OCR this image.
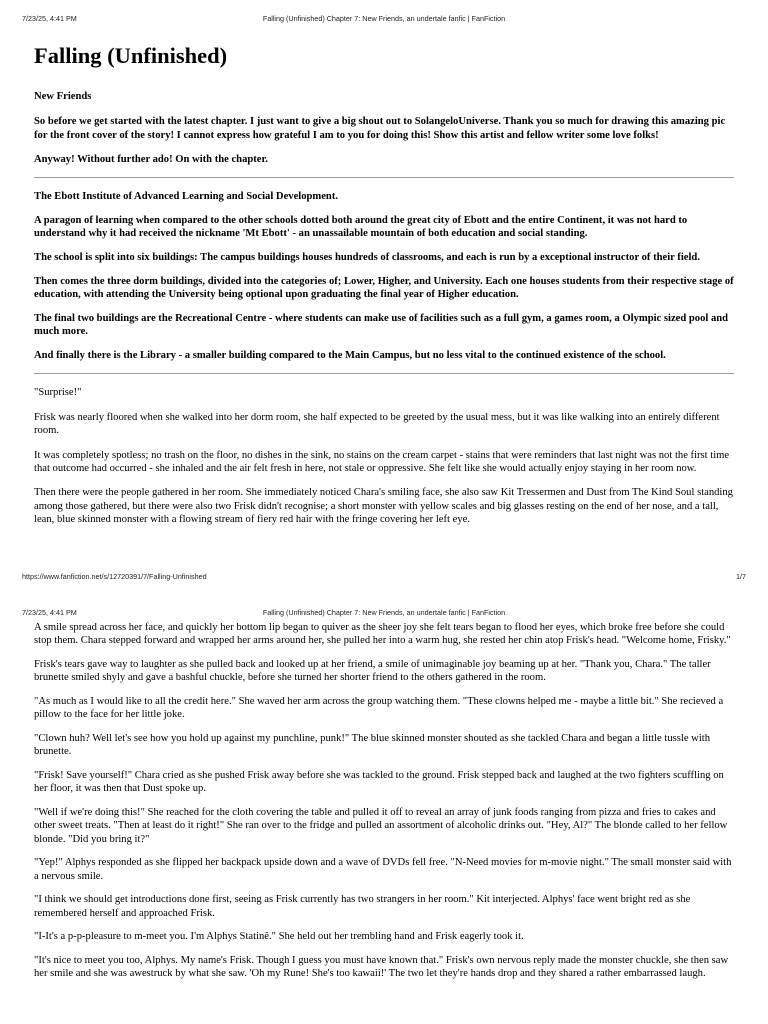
7/23/25, 4:41 PM	Falling (Unfinished) Chapter 7: New Friends, an undertale fanfic | FanFiction
Falling (Unfinished)

New Friends

So before we get started with the latest chapter. I just want to give a big shout out to SolangeloUniverse. Thank you so much for drawing this amazing pic for the front cover of the story! I cannot express how grateful I am to you for doing this! Show this artist and fellow writer some love folks!

Anyway! Without further ado! On with the chapter.

The Ebott Institute of Advanced Learning and Social Development.

A paragon of learning when compared to the other schools dotted both around the great city of Ebott and the entire Continent, it was not hard to understand why it had received the nickname 'Mt Ebott' - an unassailable mountain of both education and social standing.

The school is split into six buildings: The campus buildings houses hundreds of classrooms, and each is run by a exceptional instructor of their field.

Then comes the three dorm buildings, divided into the categories of; Lower, Higher, and University. Each one houses students from their respective stage of education, with attending the University being optional upon graduating the final year of Higher education.

The final two buildings are the Recreational Centre - where students can make use of facilities such as a full gym, a games room, a Olympic sized pool and much more.

And finally there is the Library - a smaller building compared to the Main Campus, but no less vital to the continued existence of the school.

"Surprise!"

Frisk was nearly floored when she walked into her dorm room, she half expected to be greeted by the usual mess, but it was like walking into an entirely different room.

It was completely spotless; no trash on the floor, no dishes in the sink, no stains on the cream carpet - stains that were reminders that last night was not the first time that outcome had occurred - she inhaled and the air felt fresh in here, not stale or oppressive. She felt like she would actually enjoy staying in her room now.

Then there were the people gathered in her room. She immediately noticed Chara's smiling face, she also saw Kit Tressermen and Dust from The Kind Soul standing among those gathered, but there were also two Frisk didn't recognise; a short monster with yellow scales and big glasses resting on the end of her nose, and a tall, lean, blue skinned monster with a flowing stream of fiery red hair with the fringe covering her left eye.

https://www.fanfiction.net/s/12720391/7/Falling-Unfinished	1/7
7/23/25, 4:41 PM	Falling (Unfinished) Chapter 7: New Friends, an undertale fanfic | FanFiction

A smile spread across her face, and quickly her bottom lip began to quiver as the sheer joy she felt tears began to flood her eyes, which broke free before she could stop them. Chara stepped forward and wrapped her arms around her, she pulled her into a warm hug, she rested her chin atop Frisk's head. "Welcome home, Frisky."

Frisk's tears gave way to laughter as she pulled back and looked up at her friend, a smile of unimaginable joy beaming up at her. "Thank you, Chara." The taller brunette smiled shyly and gave a bashful chuckle, before she turned her shorter friend to the others gathered in the room.

"As much as I would like to all the credit here." She waved her arm across the group watching them. "These clowns helped me - maybe a little bit." She recieved a pillow to the face for her little joke.

"Clown huh? Well let's see how you hold up against my punchline, punk!" The blue skinned monster shouted as she tackled Chara and began a little tussle with brunette.

"Frisk! Save yourself!" Chara cried as she pushed Frisk away before she was tackled to the ground. Frisk stepped back and laughed at the two fighters scuffling on her floor, it was then that Dust spoke up.

"Well if we're doing this!" She reached for the cloth covering the table and pulled it off to reveal an array of junk foods ranging from pizza and fries to cakes and other sweet treats. "Then at least do it right!" She ran over to the fridge and pulled an assortment of alcoholic drinks out. "Hey, Al?" The blonde called to her fellow blonde. "Did you bring it?"

"Yep!" Alphys responded as she flipped her backpack upside down and a wave of DVDs fell free. "N-Need movies for m-movie night." The small monster said with a nervous smile.

"I think we should get introductions done first, seeing as Frisk currently has two strangers in her room." Kit interjected. Alphys' face went bright red as she remembered herself and approached Frisk.

"I-It's a p-p-pleasure to m-meet you. I'm Alphys Statinê." She held out her trembling hand and Frisk eagerly took it.

"It's nice to meet you too, Alphys. My name's Frisk. Though I guess you must have known that." Frisk's own nervous reply made the monster chuckle, she then saw her smile and she was awestruck by what she saw. 'Oh my Rune! She's too kawaii!' The two let they're hands drop and they shared a rather embarrassed laugh.
